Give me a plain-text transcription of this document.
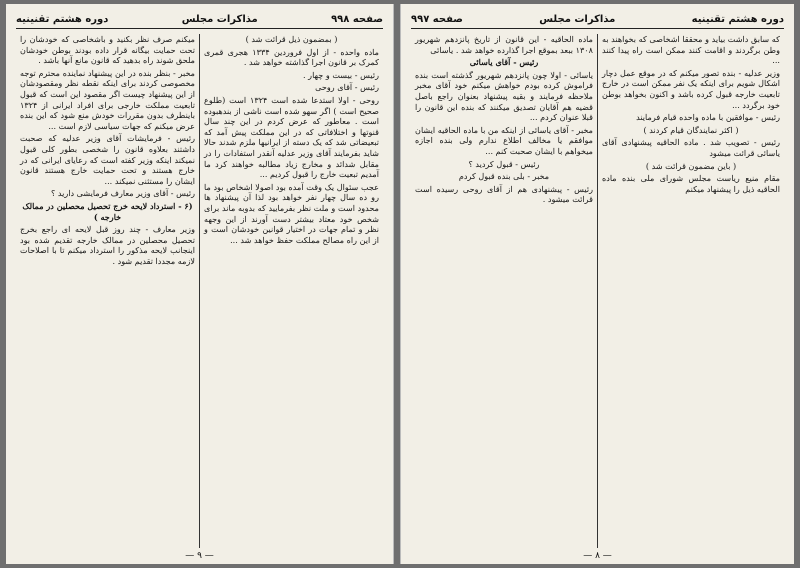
صفحه ۹۹۸
مذاکرات مجلس
دوره هشتم تقنینیه

( بمضمون ذیل قرائت شد )

ماده واحده - از اول فروردین ۱۳۳۴ هجری قمری کمرک بر قانون اجرا گذاشته خواهد شد .

رئیس - بیست و چهار .

رئیس - آقای روحی

روحی - اولا استدعا شده است ۱۳۲۴ است (طلوع صحیح است ) اگر سهو شده است ناشی از بندهبوده است . معاطور که عرض کردم در این چند سال قنوتها و اختلافاتی که در این مملکت پیش آمد که تبعیضاتی شد که یک دسته از ایرانیها ملزم شدند حالا شاید بفرمایند آقای وزیر عدلیه آنقدر استفادات را در مقابل شدائد و مخارج زیاد مطالبه خواهند کرد ما آمدیم تبعیت خارج را قبول کردیم ...

عجب سئوال یک وقت آمده بود اصولا اشخاص بود ما رو ده سال چهار نفر خواهد بود لذا آن پیشنهاد ها محدود است و ملت نظر بفرمایید که بدوبه ماند برای شخص خود معتاد بیشتر دست آورند از این وجهه نظر و تمام جهات در اختیار قوانین خودشان است و از این راه مصالح مملکت حفظ خواهد شد ...

میکنم صرف نظر بکنید و باشخاصی که خودشان را تحت حمایت بیگانه قرار داده بودند بوطن خودشان ملحق شوند راه بدهید که قانون مانع آنها باشد .

مخبر - بنظر بنده در این پیشنهاد نماینده محترم توجه مخصوصی کردند برای اینکه نقطه نظر ومقصودشان از این پیشنهاد چیست اگر مقصود این است که قبول تابعیت مملکت خارجی برای افراد ایرانی از ۱۳۲۴ باینطرف بدون مقررات خودش منع شود که این بنده عرض میکنم که جهات سیاسی لازم است ...

رئیس - فرمایشات آقای وزیر عدلیه که صحبت داشتند بعلاوه قانون را شخصی بطور کلی قبول نمیکند اینکه وزیر کفته است که رعایای ایرانی که در خارج هستند و تحت حمایت خارج هستند قانون ایشان را مستثنی نمیکند ...

رئیس - آقای وزیر معارف فرمایشی دارید ؟

(۶ - استرداد لایحه خرج تحصیل محصلین در ممالک خارجه )

وزیر معارف - چند روز قبل لایحه ای راجع بخرج تحصیل محصلین در ممالک خارجه تقدیم شده بود اینجانب لایحه مذکور را استرداد میکنم تا با اصلاحات لازمه مجددا تقدیم شود .

— ۹ —
دوره هشتم تقنینیه
مذاکرات مجلس
صفحه ۹۹۷

که سابق داشت بیاید و محققا اشخاصی که بخواهند به وطن برگردند و اقامت کنند ممکن است راه پیدا کنند ...

وزیر عدلیه - بنده تصور میکنم که در موقع عمل دچار اشکال شویم برای اینکه یک نفر ممکن است در خارج تابعیت خارجه قبول کرده باشد و اکنون بخواهد بوطن خود برگردد ...

رئیس - موافقین با ماده واحده قیام فرمایند

( اکثر نمایندگان قیام کردند )

رئیس - تصویب شد . ماده الحاقیه پیشنهادی آقای یاسائی قرائت میشود

( باین مضمون قرائت شد )

مقام منیع ریاست مجلس شورای ملی بنده ماده الحاقیه ذیل را پیشنهاد میکنم

ماده الحاقیه - این قانون از تاریخ پانزدهم شهریور ۱۳۰۸ ببعد بموقع اجرا گذارده خواهد شد . یاسائی

رئیس - آقای یاسائی

یاسائی - اولا چون پانزدهم شهریور گذشته است بنده فراموش کرده بودم خواهش میکنم خود آقای مخبر ملاحظه فرمایند و بقیه پیشنهاد بعنوان راجع باصل قضیه هم آقایان تصدیق میکنند که بنده این قانون را قبلا عنوان کردم ...

مخبر - آقای یاسائی از اینکه من با ماده الحاقیه ایشان موافقم یا مخالف اطلاع ندارم ولی بنده اجازه میخواهم با ایشان صحبت کنم ...

رئیس - قبول کردید ؟

مخبر - بلی بنده قبول کردم

رئیس - پیشنهادی هم از آقای روحی رسیده است قرائت میشود .

— ۸ —
